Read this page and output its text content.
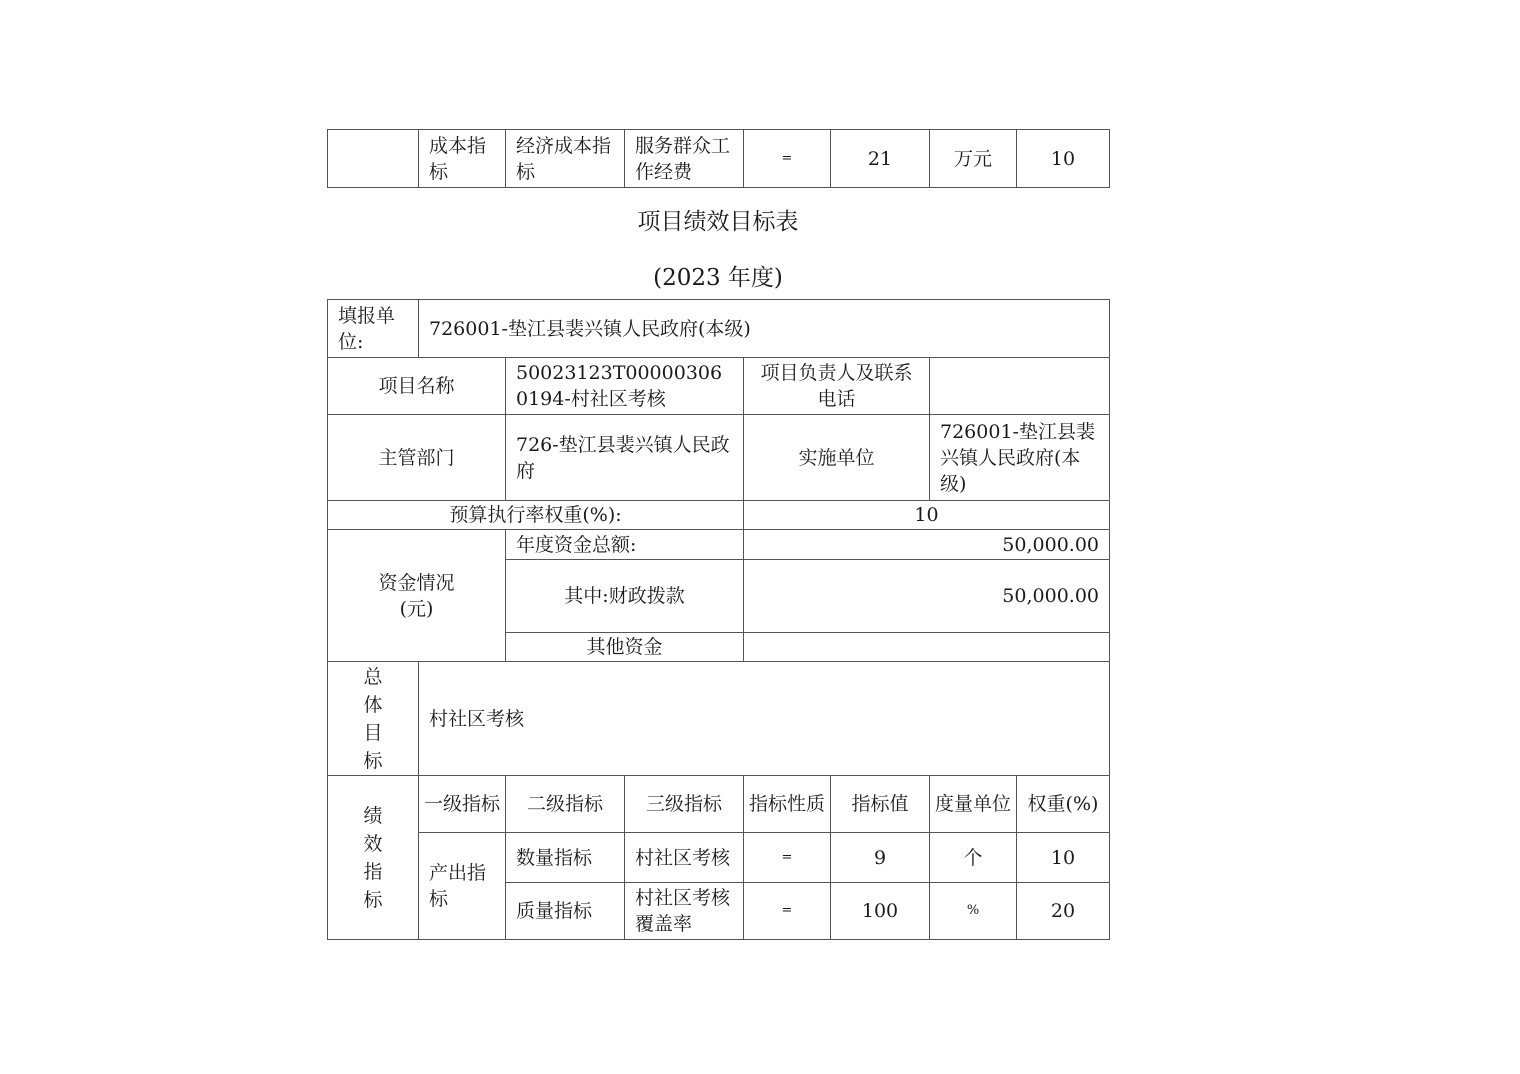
	成本指标	经济成本指标	服务群众工作经费	=	21	万元	10
项目绩效目标表
(2023 年度)
填报单位:	726001-垫江县裴兴镇人民政府(本级)						
项目名称		50023123T000003060194-村社区考核		项目负责人及联系电话			
主管部门		726-垫江县裴兴镇人民政府		实施单位		726001-垫江县裴兴镇人民政府(本级)	
预算执行率权重(%):				10			

资金情况
(元)		年度资金总额:		50,000.00			
		其中:财政拨款		50,000.00			
		其他资金					

总
体
目
标	村社区考核						

绩
效
指
标	一级指标	二级指标	三级指标	指标性质	指标值	度量单位	权重(%)
	产出指标	数量指标	村社区考核	=	9	个	10
		质量指标	村社区考核覆盖率	=	100	%	20
